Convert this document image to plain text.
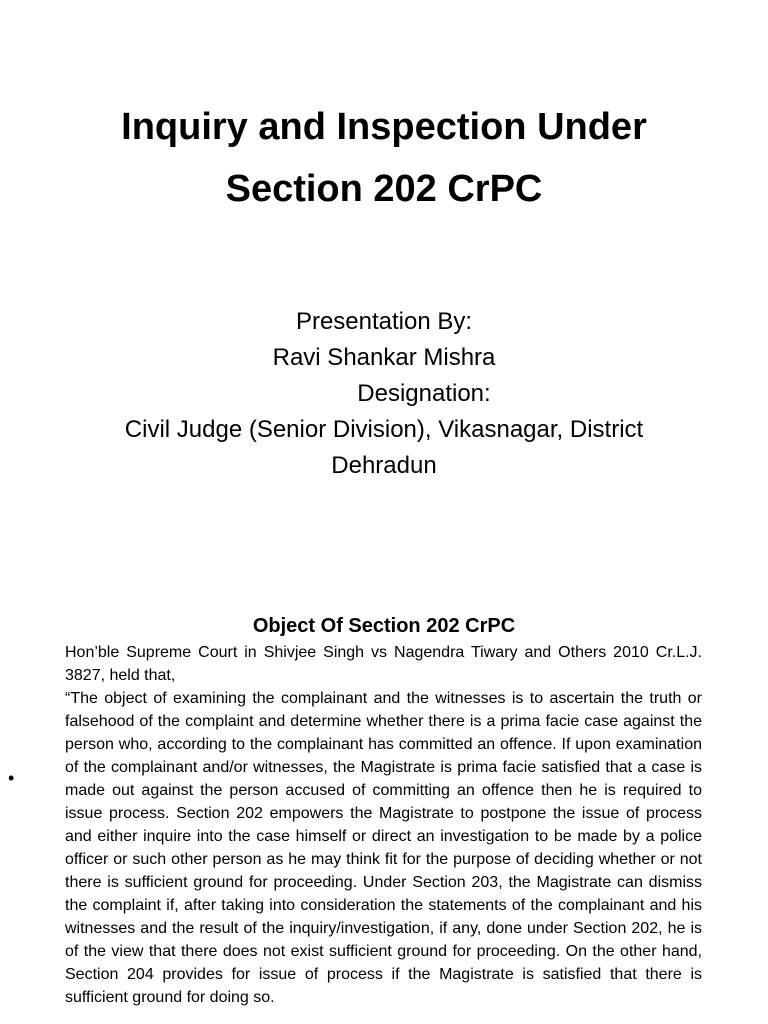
Inquiry and Inspection Under
Section 202 CrPC
Presentation By:
Ravi Shankar Mishra
Designation:
Civil Judge (Senior Division), Vikasnagar, District
Dehradun
•
Object Of Section 202 CrPC

Hon’ble Supreme Court in Shivjee Singh vs Nagendra Tiwary and Others 2010 Cr.L.J. 3827, held that,

“The object of examining the complainant and the witnesses is to ascertain the truth or falsehood of the complaint and determine whether there is a prima facie case against the person who, according to the complainant has committed an offence. If upon examination of the complainant and/or witnesses, the Magistrate is prima facie satisfied that a case is made out against the person accused of committing an offence then he is required to issue process. Section 202 empowers the Magistrate to postpone the issue of process and either inquire into the case himself or direct an investigation to be made by a police officer or such other person as he may think fit for the purpose of deciding whether or not there is sufficient ground for proceeding. Under Section 203, the Magistrate can dismiss the complaint if, after taking into consideration the statements of the complainant and his witnesses and the result of the inquiry/investigation, if any, done under Section 202, he is of the view that there does not exist sufficient ground for proceeding. On the other hand, Section 204 provides for issue of process if the Magistrate is satisfied that there is sufficient ground for doing so.
